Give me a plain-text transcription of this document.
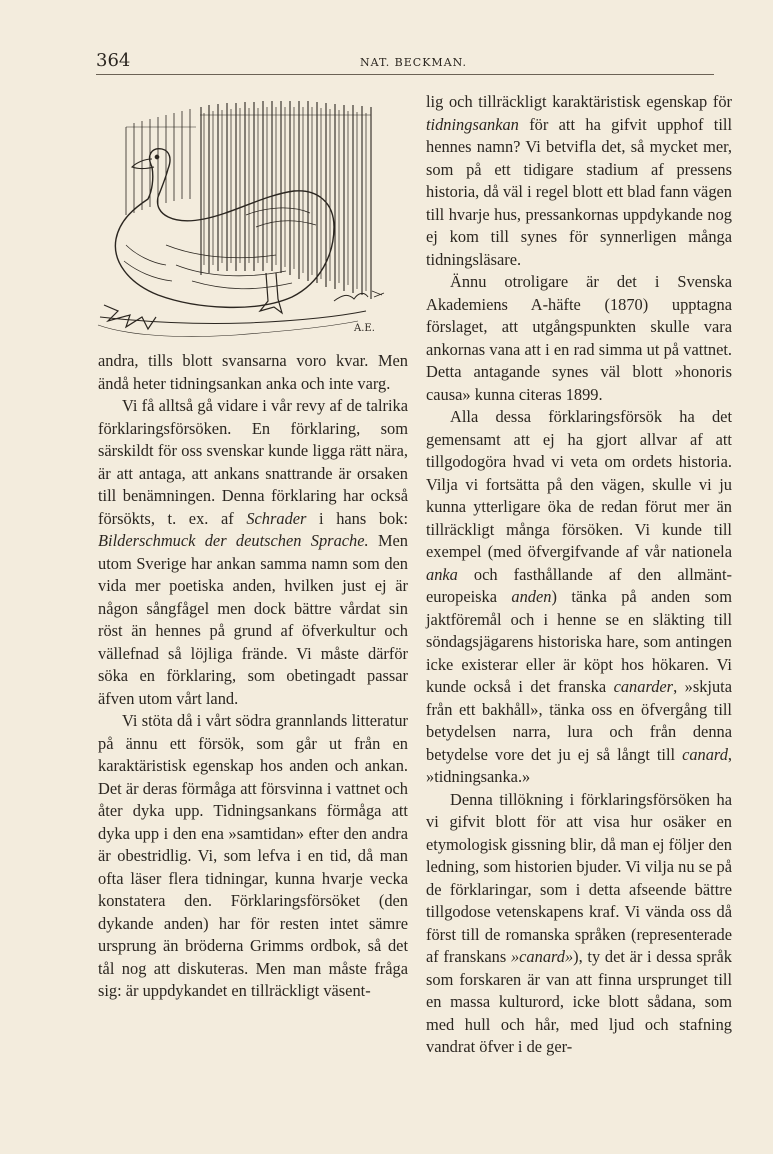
364	NAT. BECKMAN.
A.E.

andra, tills blott svansarna voro kvar. Men ändå heter tidningsankan anka och inte varg.

Vi få alltså gå vidare i vår revy af de talrika förklaringsförsöken. En förklaring, som särskildt för oss svenskar kunde ligga rätt nära, är att antaga, att ankans snattrande är orsaken till benämningen. Denna förklaring har också försökts, t. ex. af Schrader i hans bok: Bilderschmuck der deutschen Sprache. Men utom Sverige har ankan samma namn som den vida mer poetiska anden, hvilken just ej är någon sångfågel men dock bättre vårdat sin röst än hennes på grund af öfverkultur och vällefnad så löjliga frände. Vi måste därför söka en förklaring, som obetingadt passar äfven utom vårt land.

Vi stöta då i vårt södra grannlands litteratur på ännu ett försök, som går ut från en karaktäristisk egenskap hos anden och ankan. Det är deras förmåga att försvinna i vattnet och åter dyka upp. Tidningsankans förmåga att dyka upp i den ena »samtidan» efter den andra är obestridlig. Vi, som lefva i en tid, då man ofta läser flera tidningar, kunna hvarje vecka konstatera den. Förklaringsförsöket (den dykande anden) har för resten intet sämre ursprung än bröderna Grimms ordbok, så det tål nog att diskuteras. Men man måste fråga sig: är uppdykandet en tillräckligt väsent-

lig och tillräckligt karaktäristisk egenskap för tidningsankan för att ha gifvit upphof till hennes namn? Vi betvifla det, så mycket mer, som på ett tidigare stadium af pressens historia, då väl i regel blott ett blad fann vägen till hvarje hus, pressankornas uppdykande nog ej kom till synes för synnerligen många tidningsläsare.

Ännu otroligare är det i Svenska Akademiens A-häfte (1870) upptagna förslaget, att utgångspunkten skulle vara ankornas vana att i en rad simma ut på vattnet. Detta antagande synes väl blott »honoris causa» kunna citeras 1899.

Alla dessa förklaringsförsök ha det gemensamt att ej ha gjort allvar af att tillgodogöra hvad vi veta om ordets historia. Vilja vi fortsätta på den vägen, skulle vi ju kunna ytterligare öka de redan förut mer än tillräckligt många försöken. Vi kunde till exempel (med öfvergifvande af vår nationela anka och fasthållande af den allmänt-europeiska anden) tänka på anden som jaktföremål och i henne se en släkting till söndagsjägarens historiska hare, som antingen icke existerar eller är köpt hos hökaren. Vi kunde också i det franska canarder, »skjuta från ett bakhåll», tänka oss en öfvergång till betydelsen narra, lura och från denna betydelse vore det ju ej så långt till canard, »tidningsanka.»

Denna tillökning i förklaringsförsöken ha vi gifvit blott för att visa hur osäker en etymologisk gissning blir, då man ej följer den ledning, som historien bjuder. Vi vilja nu se på de förklaringar, som i detta afseende bättre tillgodose vetenskapens kraf. Vi vända oss då först till de romanska språken (representerade af franskans »canard»), ty det är i dessa språk som forskaren är van att finna ursprunget till en massa kulturord, icke blott sådana, som med hull och hår, med ljud och stafning vandrat öfver i de ger-
